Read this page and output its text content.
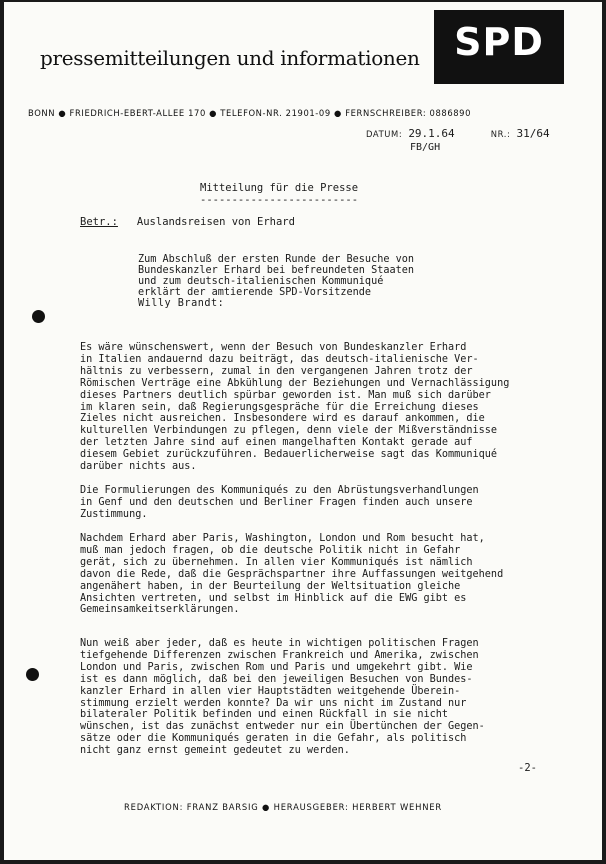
pressemitteilungen und informationen SPD
BONN ● FRIEDRICH-EBERT-ALLEE 170 ● TELEFON-NR. 21901-09 ● FERNSCHREIBER: 0886890
DATUM: 29.1.64	NR.: 31/64
FB/GH
Mitteilung für die Presse
-------------------------
Betr.: Auslandsreisen von Erhard
Zum Abschluß der ersten Runde der Besuche von
Bundeskanzler Erhard bei befreundeten Staaten
und zum deutsch-italienischen Kommuniqué
erklärt der amtierende SPD-Vorsitzende
Willy Brandt:
Es wäre wünschenswert, wenn der Besuch von Bundeskanzler Erhard
in Italien andauernd dazu beiträgt, das deutsch-italienische Ver-
hältnis zu verbessern, zumal in den vergangenen Jahren trotz der
Römischen Verträge eine Abkühlung der Beziehungen und Vernachlässigung
dieses Partners deutlich spürbar geworden ist. Man muß sich darüber
im klaren sein, daß Regierungsgespräche für die Erreichung dieses
Zieles nicht ausreichen. Insbesondere wird es darauf ankommen, die
kulturellen Verbindungen zu pflegen, denn viele der Mißverständnisse
der letzten Jahre sind auf einen mangelhaften Kontakt gerade auf
diesem Gebiet zurückzuführen. Bedauerlicherweise sagt das Kommuniqué
darüber nichts aus.
Die Formulierungen des Kommuniqués zu den Abrüstungsverhandlungen
in Genf und den deutschen und Berliner Fragen finden auch unsere
Zustimmung.
Nachdem Erhard aber Paris, Washington, London und Rom besucht hat,
muß man jedoch fragen, ob die deutsche Politik nicht in Gefahr
gerät, sich zu übernehmen. In allen vier Kommuniqués ist nämlich
davon die Rede, daß die Gesprächspartner ihre Auffassungen weitgehend
angenähert haben, in der Beurteilung der Weltsituation gleiche
Ansichten vertreten, und selbst im Hinblick auf die EWG gibt es
Gemeinsamkeitserklärungen.
Nun weiß aber jeder, daß es heute in wichtigen politischen Fragen
tiefgehende Differenzen zwischen Frankreich und Amerika, zwischen
London und Paris, zwischen Rom und Paris und umgekehrt gibt. Wie
ist es dann möglich, daß bei den jeweiligen Besuchen von Bundes-
kanzler Erhard in allen vier Hauptstädten weitgehende Überein-
stimmung erzielt werden konnte? Da wir uns nicht im Zustand nur
bilateraler Politik befinden und einen Rückfall in sie nicht
wünschen, ist das zunächst entweder nur ein Übertünchen der Gegen-
sätze oder die Kommuniqués geraten in die Gefahr, als politisch
nicht ganz ernst gemeint gedeutet zu werden.
-2-
REDAKTION: FRANZ BARSIG ● HERAUSGEBER: HERBERT WEHNER
